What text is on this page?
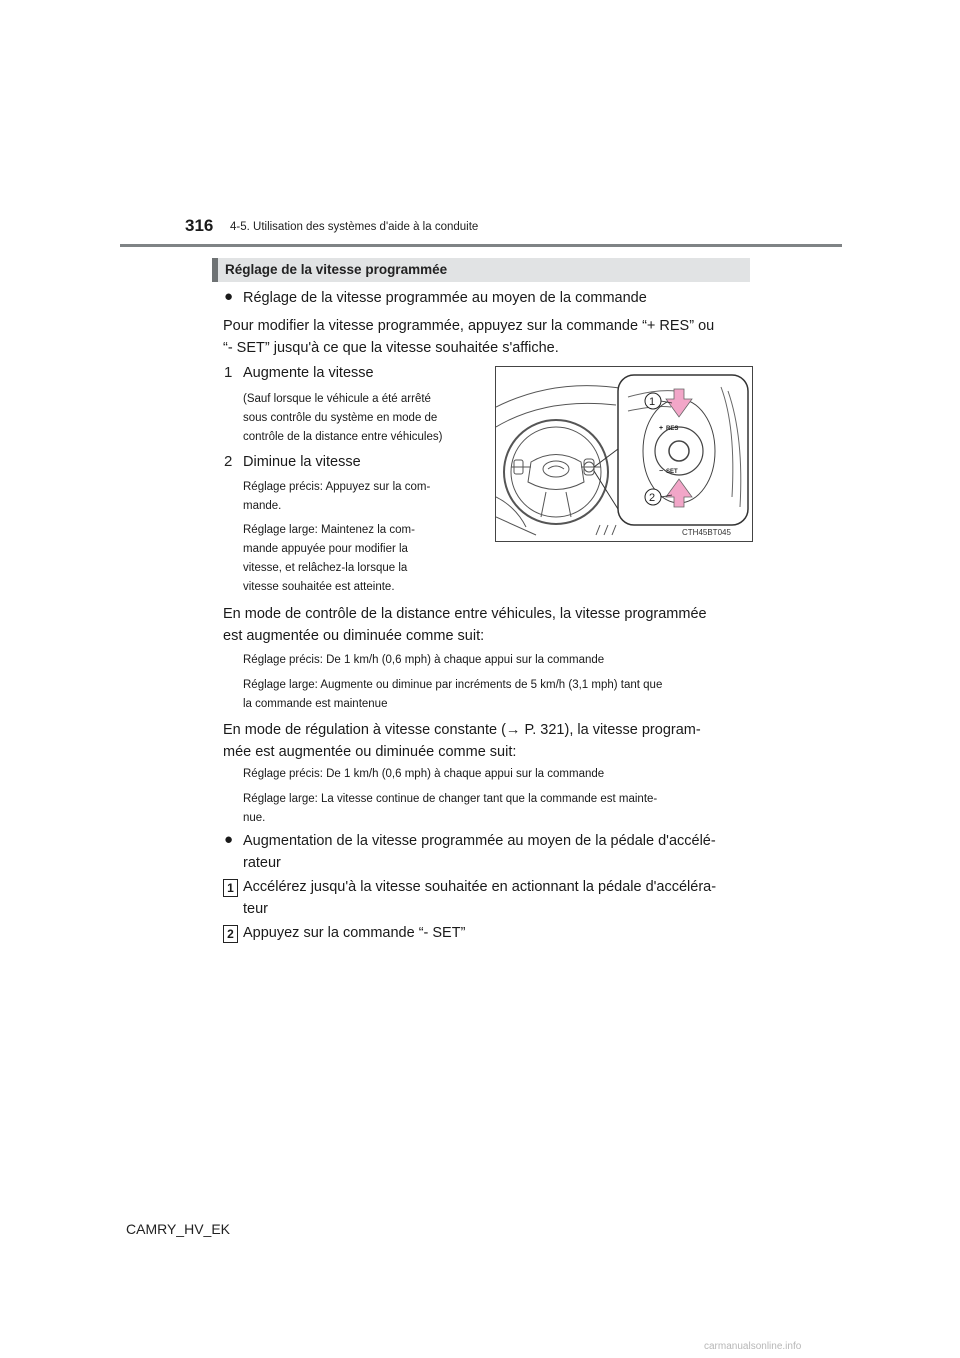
316 4-5. Utilisation des systèmes d'aide à la conduite
Réglage de la vitesse programmée
● Réglage de la vitesse programmée au moyen de la commande
Pour modifier la vitesse programmée, appuyez sur la commande “+ RES” ou
“- SET” jusqu'à ce que la vitesse souhaitée s'affiche.
1 Augmente la vitesse
(Sauf lorsque le véhicule a été arrêté
sous contrôle du système en mode de
contrôle de la distance entre véhicules)
2 Diminue la vitesse
Réglage précis: Appuyez sur la com-
mande.
Réglage large: Maintenez la com-
mande appuyée pour modifier la
vitesse, et relâchez-la lorsque la
vitesse souhaitée est atteinte.
+ RES
− SET
1
2
CTH45BT045
En mode de contrôle de la distance entre véhicules, la vitesse programmée
est augmentée ou diminuée comme suit:
Réglage précis: De 1 km/h (0,6 mph) à chaque appui sur la commande
Réglage large: Augmente ou diminue par incréments de 5 km/h (3,1 mph) tant que
la commande est maintenue
En mode de régulation à vitesse constante (→ P. 321), la vitesse program-
mée est augmentée ou diminuée comme suit:
Réglage précis: De 1 km/h (0,6 mph) à chaque appui sur la commande
Réglage large: La vitesse continue de changer tant que la commande est mainte-
nue.
● Augmentation de la vitesse programmée au moyen de la pédale d'accélé-
rateur
1 Accélérez jusqu'à la vitesse souhaitée en actionnant la pédale d'accéléra-
teur
2 Appuyez sur la commande “- SET”
CAMRY_HV_EK
carmanualsonline.info
